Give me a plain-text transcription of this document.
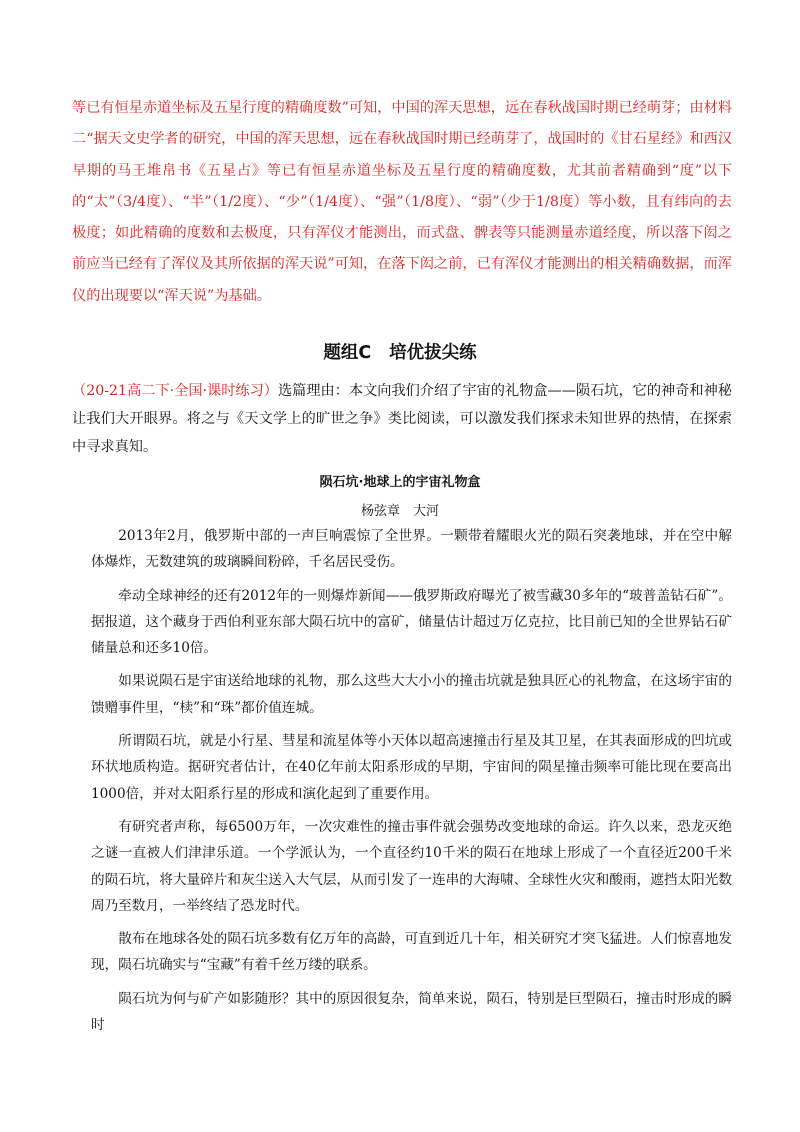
等已有恒星赤道坐标及五星行度的精确度数”可知，中国的浑天思想，远在春秋战国时期已经萌芽；由材料二“据天文史学者的研究，中国的浑天思想，远在春秋战国时期已经萌芽了，战国时的《甘石星经》和西汉早期的马王堆帛书《五星占》等已有恒星赤道坐标及五星行度的精确度数，尤其前者精确到“度”以下的“太”（3/4度）、“半”（1/2度）、“少”（1/4度）、“强”（1/8度）、“弱”（少于1/8度）等小数，且有纬向的去极度；如此精确的度数和去极度，只有浑仪才能测出，而式盘、髀表等只能测量赤道经度，所以落下闳之前应当已经有了浑仪及其所依据的浑天说”可知，在落下闳之前，已有浑仪才能测出的相关精确数据，而浑仪的出现要以“浑天说”为基础。

题组C 培优拔尖练

（20-21高二下·全国·课时练习）选篇理由：本文向我们介绍了宇宙的礼物盒——陨石坑，它的神奇和神秘让我们大开眼界。将之与《天文学上的旷世之争》类比阅读，可以激发我们探求未知世界的热情，在探索中寻求真知。

陨石坑·地球上的宇宙礼物盒
杨弦章　大河

2013年2月，俄罗斯中部的一声巨响震惊了全世界。一颗带着耀眼火光的陨石突袭地球，并在空中解体爆炸，无数建筑的玻璃瞬间粉碎，千名居民受伤。

牵动全球神经的还有2012年的一则爆炸新闻——俄罗斯政府曝光了被雪藏30多年的“玻普盖钻石矿”。据报道，这个藏身于西伯利亚东部大陨石坑中的富矿，储量估计超过万亿克拉，比目前已知的全世界钻石矿储量总和还多10倍。

如果说陨石是宇宙送给地球的礼物，那么这些大大小小的撞击坑就是独具匠心的礼物盒，在这场宇宙的馈赠事件里，“椟”和“珠”都价值连城。

所谓陨石坑，就是小行星、彗星和流星体等小天体以超高速撞击行星及其卫星，在其表面形成的凹坑或环状地质构造。据研究者估计，在40亿年前太阳系形成的早期，宇宙间的陨星撞击频率可能比现在要高出1000倍，并对太阳系行星的形成和演化起到了重要作用。

有研究者声称，每6500万年，一次灾难性的撞击事件就会强势改变地球的命运。许久以来，恐龙灭绝之谜一直被人们津津乐道。一个学派认为，一个直径约10千米的陨石在地球上形成了一个直径近200千米的陨石坑，将大量碎片和灰尘送入大气层，从而引发了一连串的大海啸、全球性火灾和酸雨，遮挡太阳光数周乃至数月，一举终结了恐龙时代。

散布在地球各处的陨石坑多数有亿万年的高龄，可直到近几十年，相关研究才突飞猛进。人们惊喜地发现，陨石坑确实与“宝藏”有着千丝万缕的联系。

陨石坑为何与矿产如影随形？其中的原因很复杂，简单来说，陨石，特别是巨型陨石，撞击时形成的瞬时
